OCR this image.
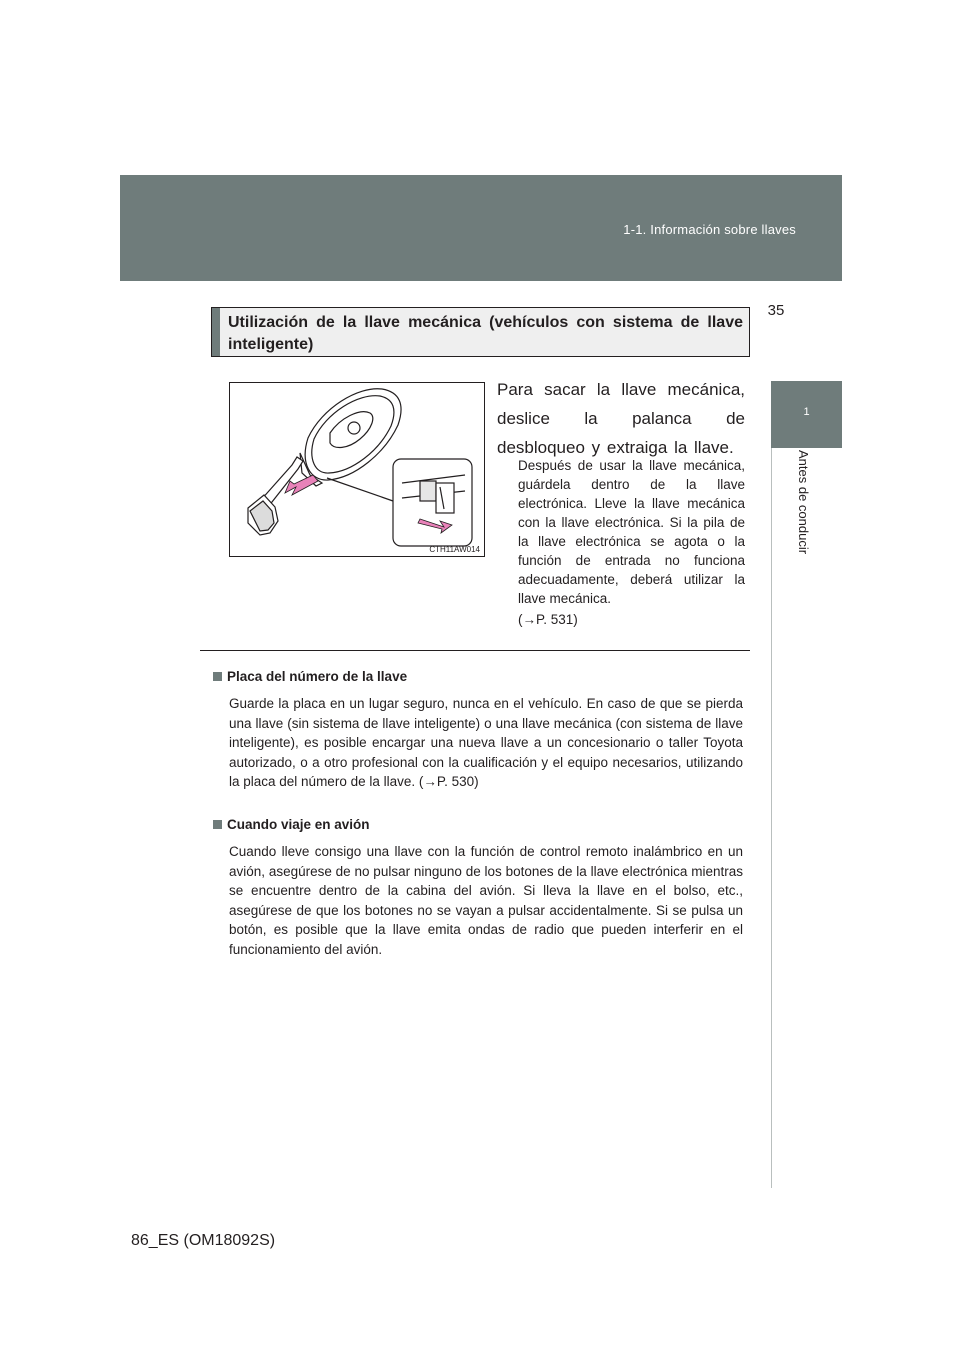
1-1. Información sobre llaves
35
1
Antes de conducir
Utilización de la llave mecánica (vehículos con sistema de llave inteligente)
CTH11AW014
Para sacar la llave mecánica, deslice la palanca de desbloqueo y extraiga la llave.
Después de usar la llave mecánica, guárdela dentro de la llave electrónica. Lleve la llave mecánica con la llave electrónica. Si la pila de la llave electrónica se agota o la función de entrada no funciona adecuadamente, deberá utilizar la llave mecánica.
(→P. 531)
Placa del número de la llave
Guarde la placa en un lugar seguro, nunca en el vehículo. En caso de que se pierda una llave (sin sistema de llave inteligente) o una llave mecánica (con sistema de llave inteligente), es posible encargar una nueva llave a un concesionario o taller Toyota autorizado, o a otro profesional con la cualificación y el equipo necesarios, utilizando la placa del número de la llave. (→P. 530)
Cuando viaje en avión
Cuando lleve consigo una llave con la función de control remoto inalámbrico en un avión, asegúrese de no pulsar ninguno de los botones de la llave electrónica mientras se encuentre dentro de la cabina del avión. Si lleva la llave en el bolso, etc., asegúrese de que los botones no se vayan a pulsar accidentalmente. Si se pulsa un botón, es posible que la llave emita ondas de radio que pueden interferir en el funcionamiento del avión.
86_ES (OM18092S)
